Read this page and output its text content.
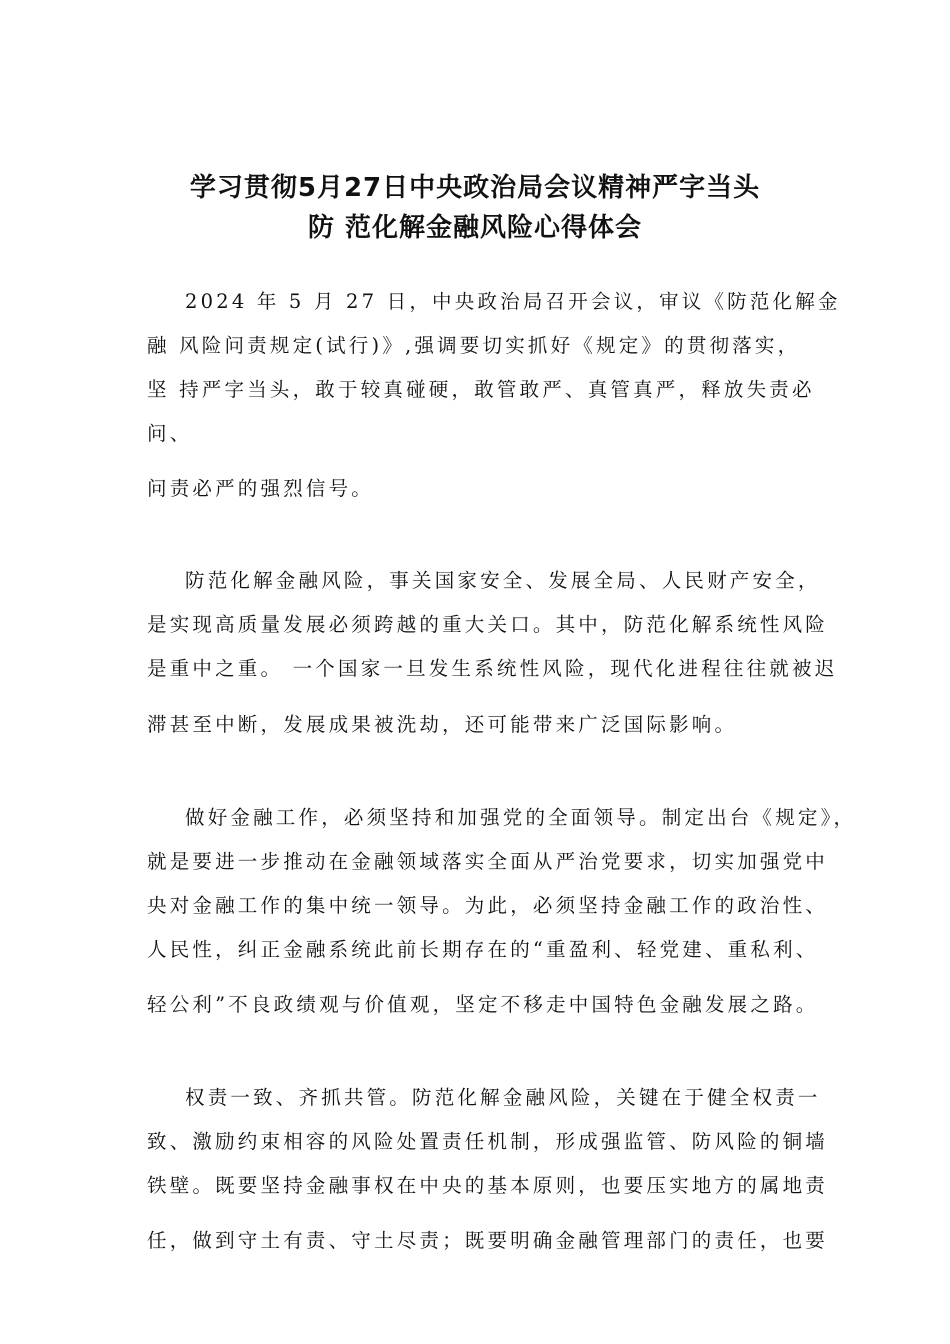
学习贯彻5月27日中央政治局会议精神严字当头
防 范化解金融风险心得体会
2024 年 5 月 27 日，中央政治局召开会议，审议《防范化解金
融 风险问责规定(试行)》,强调要切实抓好《规定》的贯彻落实，
坚 持严字当头，敢于较真碰硬，敢管敢严、真管真严，释放失责必
问、
问责必严的强烈信号。
防范化解金融风险，事关国家安全、发展全局、人民财产安全，
是实现高质量发展必须跨越的重大关口。其中，防范化解系统性风险
是重中之重。 一个国家一旦发生系统性风险，现代化进程往往就被迟
滞甚至中断，发展成果被洗劫，还可能带来广泛国际影响。
做好金融工作，必须坚持和加强党的全面领导。制定出台《规定》，
就是要进一步推动在金融领域落实全面从严治党要求，切实加强党中
央对金融工作的集中统一领导。为此，必须坚持金融工作的政治性、
人民性，纠正金融系统此前长期存在的“重盈利、轻党建、重私利、
轻公利”不良政绩观与价值观，坚定不移走中国特色金融发展之路。
权责一致、齐抓共管。防范化解金融风险，关键在于健全权责一
致、激励约束相容的风险处置责任机制，形成强监管、防风险的铜墙
铁壁。既要坚持金融事权在中央的基本原则，也要压实地方的属地责
任，做到守土有责、守土尽责；既要明确金融管理部门的责任，也要
